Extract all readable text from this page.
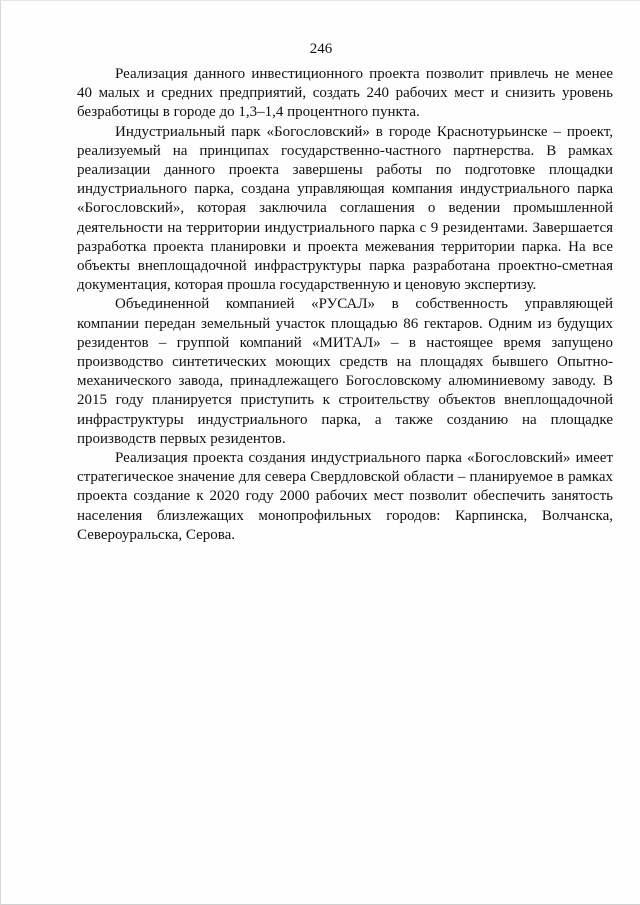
246

Реализация данного инвестиционного проекта позволит привлечь не менее 40 малых и средних предприятий, создать 240 рабочих мест и снизить уровень безработицы в городе до 1,3–1,4 процентного пункта.

Индустриальный парк «Богословский» в городе Краснотурьинске – проект, реализуемый на принципах государственно-частного партнерства. В рамках реализации данного проекта завершены работы по подготовке площадки индустриального парка, создана управляющая компания индустриального парка «Богословский», которая заключила соглашения о ведении промышленной деятельности на территории индустриального парка с 9 резидентами. Завершается разработка проекта планировки и проекта межевания территории парка. На все объекты внеплощадочной инфраструктуры парка разработана проектно-сметная документация, которая прошла государственную и ценовую экспертизу.

Объединенной компанией «РУСАЛ» в собственность управляющей компании передан земельный участок площадью 86 гектаров. Одним из будущих резидентов – группой компаний «МИТАЛ» – в настоящее время запущено производство синтетических моющих средств на площадях бывшего Опытно-механического завода, принадлежащего Богословскому алюминиевому заводу. В 2015 году планируется приступить к строительству объектов внеплощадочной инфраструктуры индустриального парка, а также созданию на площадке производств первых резидентов.

Реализация проекта создания индустриального парка «Богословский» имеет стратегическое значение для севера Свердловской области – планируемое в рамках проекта создание к 2020 году 2000 рабочих мест позволит обеспечить занятость населения близлежащих монопрофильных городов: Карпинска, Волчанска, Североуральска, Серова.
